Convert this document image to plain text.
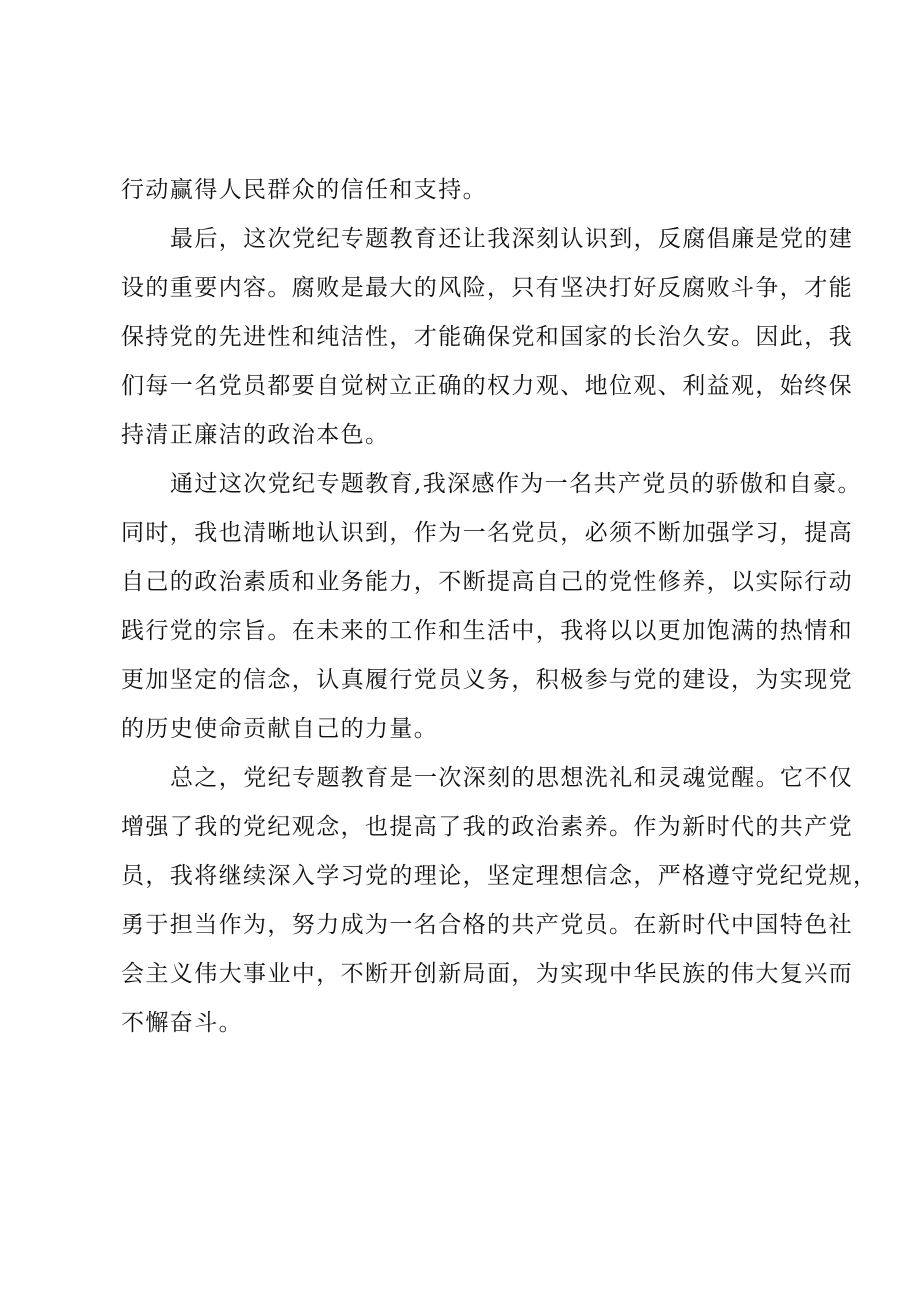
行动赢得人民群众的信任和支持。
最后，这次党纪专题教育还让我深刻认识到，反腐倡廉是党的建
设的重要内容。腐败是最大的风险，只有坚决打好反腐败斗争，才能
保持党的先进性和纯洁性，才能确保党和国家的长治久安。因此，我
们每一名党员都要自觉树立正确的权力观、地位观、利益观，始终保
持清正廉洁的政治本色。
通过这次党纪专题教育,我深感作为一名共产党员的骄傲和自豪。
同时，我也清晰地认识到，作为一名党员，必须不断加强学习，提高
自己的政治素质和业务能力，不断提高自己的党性修养，以实际行动
践行党的宗旨。在未来的工作和生活中，我将以以更加饱满的热情和
更加坚定的信念，认真履行党员义务，积极参与党的建设，为实现党
的历史使命贡献自己的力量。
总之，党纪专题教育是一次深刻的思想洗礼和灵魂觉醒。它不仅
增强了我的党纪观念，也提高了我的政治素养。作为新时代的共产党
员，我将继续深入学习党的理论，坚定理想信念，严格遵守党纪党规，
勇于担当作为，努力成为一名合格的共产党员。在新时代中国特色社
会主义伟大事业中，不断开创新局面，为实现中华民族的伟大复兴而
不懈奋斗。
